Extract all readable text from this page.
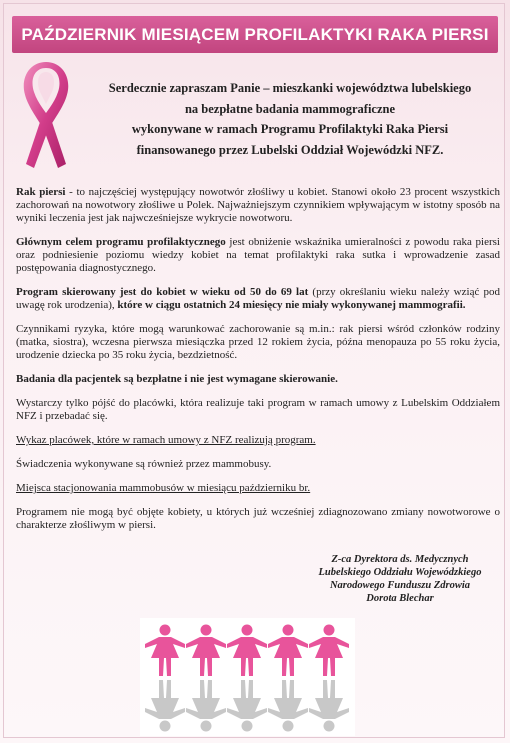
PAŹDZIERNIK MIESIĄCEM PROFILAKTYKI RAKA PIERSI
Serdecznie zapraszam Panie – mieszkanki województwa lubelskiego
na bezpłatne badania mammograficzne
wykonywane w ramach Programu Profilaktyki Raka Piersi
finansowanego przez Lubelski Oddział Wojewódzki NFZ.

Rak piersi - to najczęściej występujący nowotwór złośliwy u kobiet. Stanowi około 23 procent wszystkich zachorowań na nowotwory złośliwe u Polek. Najważniejszym czynnikiem wpływającym w istotny sposób na wyniki leczenia jest jak najwcześniejsze wykrycie nowotworu.

Głównym celem programu profilaktycznego jest obniżenie wskaźnika umieralności z powodu raka piersi oraz podniesienie poziomu wiedzy kobiet na temat profilaktyki raka sutka i wprowadzenie zasad postępowania diagnostycznego.

Program skierowany jest do kobiet w wieku od 50 do 69 lat (przy określaniu wieku należy wziąć pod uwagę rok urodzenia), które w ciągu ostatnich 24 miesięcy nie miały wykonywanej mammografii.

Czynnikami ryzyka, które mogą warunkować zachorowanie są m.in.: rak piersi wśród członków rodziny (matka, siostra), wczesna pierwsza miesiączka przed 12 rokiem życia, późna menopauza po 55 roku życia, urodzenie dziecka po 35 roku życia, bezdzietność.

Badania dla pacjentek są bezpłatne i nie jest wymagane skierowanie.

Wystarczy tylko pójść do placówki, która realizuje taki program w ramach umowy z Lubelskim Oddziałem NFZ i przebadać się.

Wykaz placówek, które w ramach umowy z NFZ realizują program.

Świadczenia wykonywane są również przez mammobusy.

Miejsca stacjonowania mammobusów w miesiącu październiku br.

Programem nie mogą być objęte kobiety, u których już wcześniej zdiagnozowano zmiany nowotworowe o charakterze złośliwym w piersi.

Z-ca Dyrektora ds. Medycznych
Lubelskiego Oddziału Wojewódzkiego
Narodowego Funduszu Zdrowia
Dorota Blechar
